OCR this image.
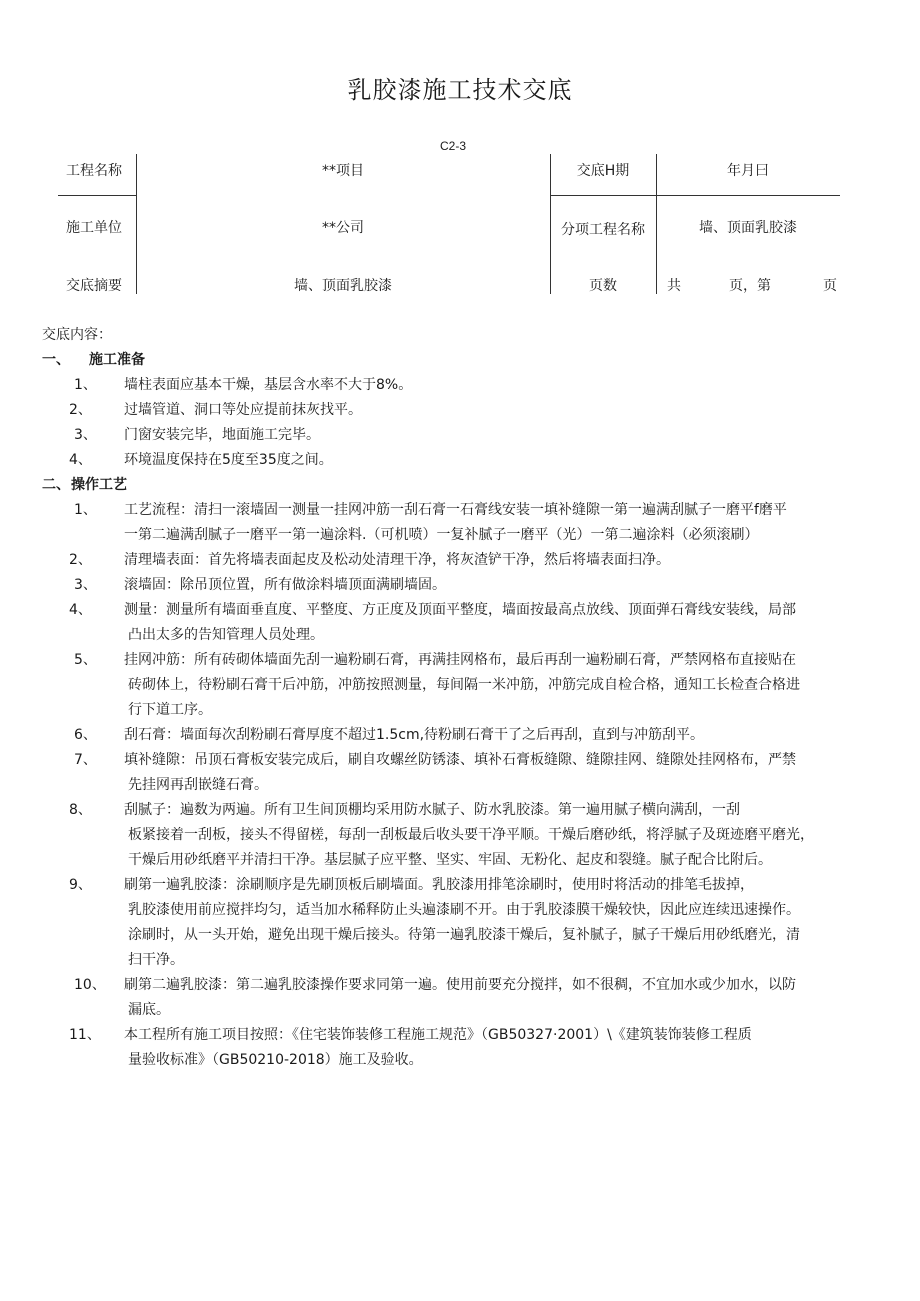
乳胶漆施工技术交底
C2-3
工程名称	**项目	交底H期	年月曰
施工单位	**公司	分项工程名称	墙、顶面乳胶漆
交底摘要	墙、顶面乳胶漆	页数	共	页，第	页
交底内容：
一、 施工准备
1、 墙柱表面应基本干燥，基层含水率不大于8%。
2、 过墙管道、洞口等处应提前抹灰找平。
3、 门窗安装完毕，地面施工完毕。
4、 环境温度保持在5度至35度之间。
二、 操作工艺
1、 工艺流程：清扫一滚墙固一测量一挂网冲筋一刮石膏一石膏线安装一填补缝隙一第一遍满刮腻子一磨平f磨平
一第二遍满刮腻子一磨平一第一遍涂料.（可机喷）一复补腻子一磨平（光）一第二遍涂料（必须滚刷）
2、 清理墙表面：首先将墙表面起皮及松动处清理干净，将灰渣铲干净，然后将墙表面扫净。
3、 滚墙固：除吊顶位置，所有做涂料墙顶面满刷墙固。
4、 测量：测量所有墙面垂直度、平整度、方正度及顶面平整度，墙面按最高点放线、顶面弹石膏线安装线，局部
凸出太多的告知管理人员处理。
5、 挂网冲筋：所有砖砌体墙面先刮一遍粉刷石膏，再满挂网格布，最后再刮一遍粉刷石膏，严禁网格布直接贴在
砖砌体上，待粉刷石膏干后冲筋，冲筋按照测量，每间隔一米冲筋，冲筋完成自检合格，通知工长检查合格进
行下道工序。
6、 刮石膏：墙面每次刮粉刷石膏厚度不超过1.5cm,待粉刷石膏干了之后再刮，直到与冲筋刮平。
7、 填补缝隙：吊顶石膏板安装完成后，刷自攻螺丝防锈漆、填补石膏板缝隙、缝隙挂网、缝隙处挂网格布，严禁
先挂网再刮嵌缝石膏。
8、 刮腻子：遍数为两遍。所有卫生间顶棚均采用防水腻子、防水乳胶漆。第一遍用腻子横向满刮，一刮
板紧接着一刮板，接头不得留槎，每刮一刮板最后收头要干净平顺。干燥后磨砂纸，将浮腻子及斑迹磨平磨光，
干燥后用砂纸磨平并清扫干净。基层腻子应平整、坚实、牢固、无粉化、起皮和裂缝。腻子配合比附后。
9、 刷第一遍乳胶漆：涂刷顺序是先刷顶板后刷墙面。乳胶漆用排笔涂刷时，使用时将活动的排笔毛拔掉，
乳胶漆使用前应搅拌均匀，适当加水稀释防止头遍漆刷不开。由于乳胶漆膜干燥较快，因此应连续迅速操作。
涂刷时，从一头开始，避免出现干燥后接头。待第一遍乳胶漆干燥后，复补腻子，腻子干燥后用砂纸磨光，清
扫干净。
10、 刷第二遍乳胶漆：第二遍乳胶漆操作要求同第一遍。使用前要充分搅拌，如不很稠，不宜加水或少加水，以防
漏底。
11、 本工程所有施工项目按照：《住宅装饰装修工程施工规范》（GB50327·2001）\《建筑装饰装修工程质
量验收标准》（GB50210-2018）施工及验收。
